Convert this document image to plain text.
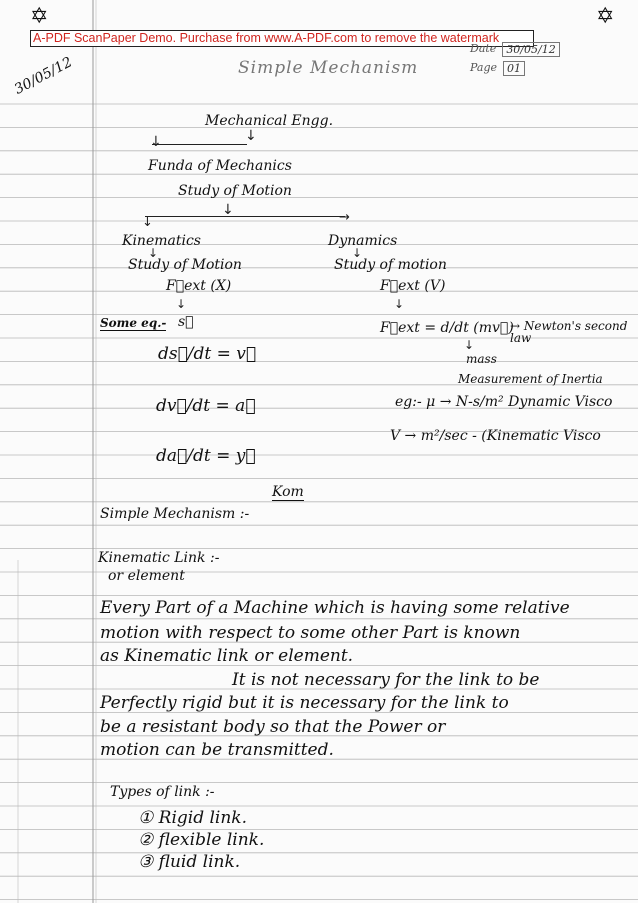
✡	✡
A-PDF ScanPaper Demo. Purchase from www.A-PDF.com to remove the watermark
30/05/12	Simple Mechanism
Date 30/05/12
Page 01
Mechanical Engg.
↓	↓
Funda of Mechanics
Study of Motion
↓
↓	→
Kinematics	Dynamics
↓	↓
Study of Motion	Study of motion
F⃗ext (X)	F⃗ext (V)
↓	↓
Some eq.- s⃗
ds⃗/dt = v⃗
dv⃗/dt = a⃗
da⃗/dt = y⃗
F⃗ext = d/dt (mv⃗)
→ Newton's second law
↓
mass
Measurement of Inertia
eg:- μ → N-s/m² Dynamic Visco
V → m²/sec - (Kinematic Visco
Kom
Simple Mechanism :-
Kinematic Link :-
or element
Every Part of a Machine which is having some relative
motion with respect to some other Part is known
as Kinematic link or element.
It is not necessary for the link to be
Perfectly rigid but it is necessary for the link to
be a resistant body so that the Power or
motion can be transmitted.
Types of link :-
① Rigid link.
② flexible link.
③ fluid link.
